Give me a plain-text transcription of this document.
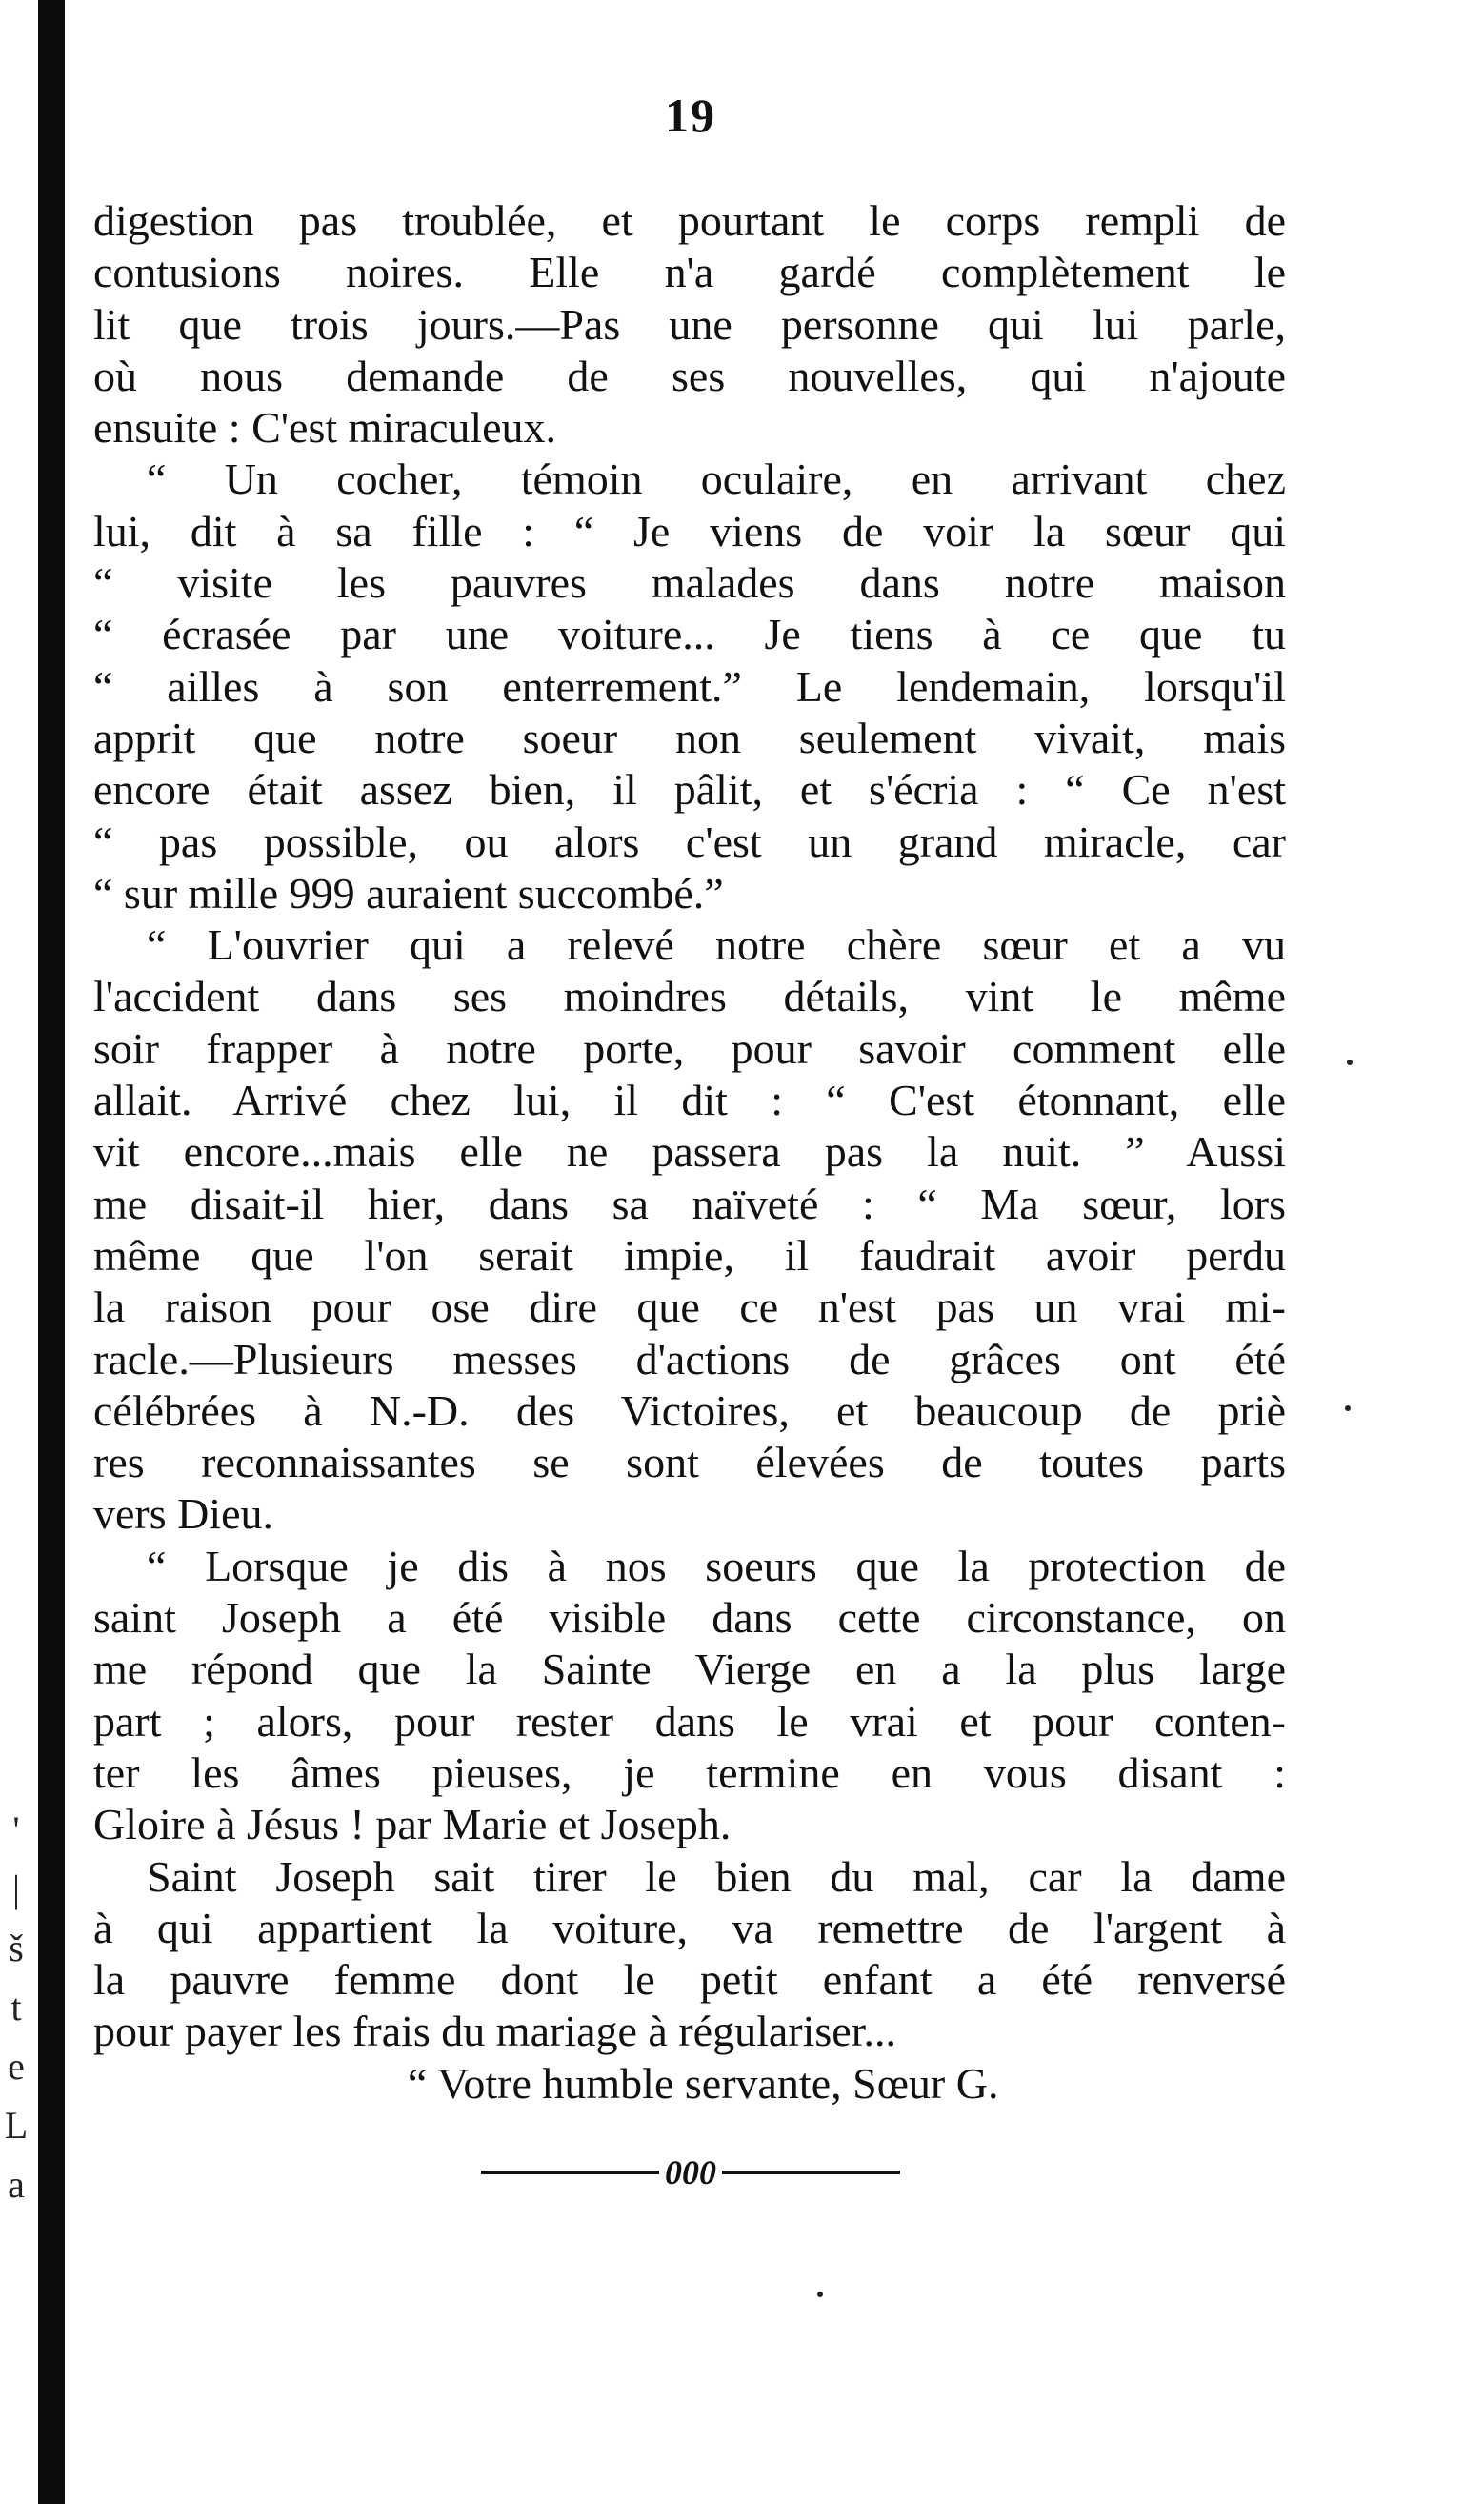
'
|
š
t
e
L
a
19
digestion pas troublée, et pourtant le corps rempli de
contusions noires. Elle n'a gardé complètement le
lit que trois jours.—Pas une personne qui lui parle,
où nous demande de ses nouvelles, qui n'ajoute
ensuite : C'est miraculeux.
“ Un cocher, témoin oculaire, en arrivant chez
lui, dit à sa fille : “ Je viens de voir la sœur qui
“ visite les pauvres malades dans notre maison
“ écrasée par une voiture... Je tiens à ce que tu
“ ailles à son enterrement.” Le lendemain, lorsqu'il
apprit que notre soeur non seulement vivait, mais
encore était assez bien, il pâlit, et s'écria : “ Ce n'est
“ pas possible, ou alors c'est un grand miracle, car
“ sur mille 999 auraient succombé.”
“ L'ouvrier qui a relevé notre chère sœur et a vu
l'accident dans ses moindres détails, vint le même
soir frapper à notre porte, pour savoir comment elle
allait. Arrivé chez lui, il dit : “ C'est étonnant, elle
vit encore...mais elle ne passera pas la nuit. ” Aussi
me disait-il hier, dans sa naïveté : “ Ma sœur, lors
même que l'on serait impie, il faudrait avoir perdu
la raison pour ose dire que ce n'est pas un vrai mi-
racle.—Plusieurs messes d'actions de grâces ont été
célébrées à N.-D. des Victoires, et beaucoup de priè
res reconnaissantes se sont élevées de toutes parts
vers Dieu.
“ Lorsque je dis à nos soeurs que la protection de
saint Joseph a été visible dans cette circonstance, on
me répond que la Sainte Vierge en a la plus large
part ; alors, pour rester dans le vrai et pour conten-
ter les âmes pieuses, je termine en vous disant :
Gloire à Jésus ! par Marie et Joseph.
Saint Joseph sait tirer le bien du mal, car la dame
à qui appartient la voiture, va remettre de l'argent à
la pauvre femme dont le petit enfant a été renversé
pour payer les frais du mariage à régulariser...
“ Votre humble servante, Sœur G.
000
